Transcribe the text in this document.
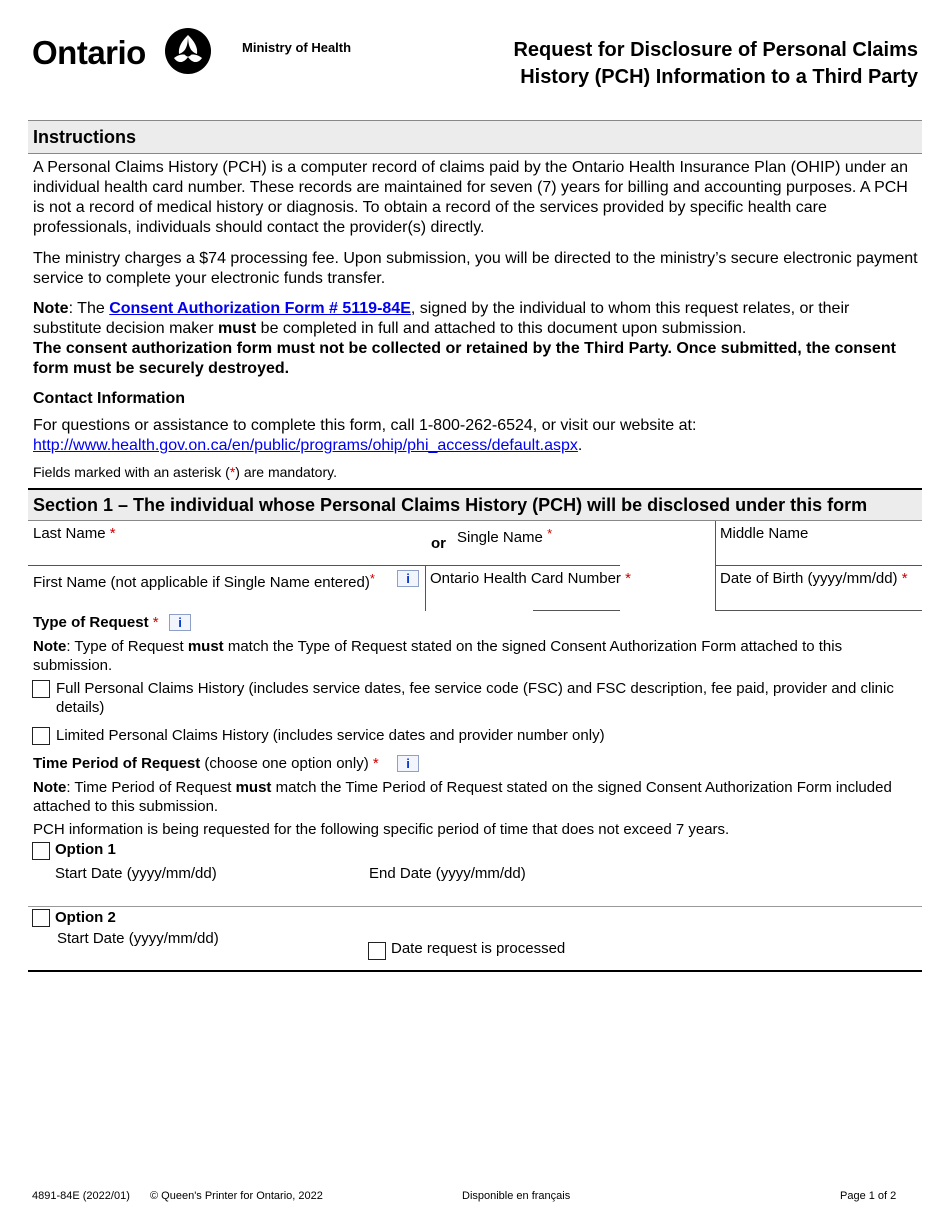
Ontario	Ministry of Health	Request for Disclosure of Personal Claims
History (PCH) Information to a Third Party
Instructions
A Personal Claims History (PCH) is a computer record of claims paid by the Ontario Health Insurance Plan (OHIP) under an individual health card number. These records are maintained for seven (7) years for billing and accounting purposes. A PCH is not a record of medical history or diagnosis. To obtain a record of the services provided by specific health care professionals, individuals should contact the provider(s) directly.
The ministry charges a $74 processing fee. Upon submission, you will be directed to the ministry’s secure electronic payment service to complete your electronic funds transfer.
Note: The Consent Authorization Form # 5119-84E, signed by the individual to whom this request relates, or their substitute decision maker must be completed in full and attached to this document upon submission.
The consent authorization form must not be collected or retained by the Third Party. Once submitted, the consent form must be securely destroyed.
Contact Information
For questions or assistance to complete this form, call 1-800-262-6524, or visit our website at:
http://www.health.gov.on.ca/en/public/programs/ohip/phi_access/default.aspx.
Fields marked with an asterisk (*) are mandatory.
Section 1 – The individual whose Personal Claims History (PCH) will be disclosed under this form
Last Name *
or Single Name *	Middle Name
First Name (not applicable if Single Name entered)*	i	Ontario Health Card Number *	Date of Birth (yyyy/mm/dd) *
Type of Request *	i
Note: Type of Request must match the Type of Request stated on the signed Consent Authorization Form attached to this submission.
Full Personal Claims History (includes service dates, fee service code (FSC) and FSC description, fee paid, provider and clinic details)
Limited Personal Claims History (includes service dates and provider number only)
Time Period of Request (choose one option only) *	i
Note: Time Period of Request must match the Time Period of Request stated on the signed Consent Authorization Form included attached to this submission.
PCH information is being requested for the following specific period of time that does not exceed 7 years.
Option 1
Start Date (yyyy/mm/dd)	End Date (yyyy/mm/dd)
Option 2
Start Date (yyyy/mm/dd)
Date request is processed
4891-84E (2022/01) © Queen's Printer for Ontario, 2022	Disponible en français	Page 1 of 2
